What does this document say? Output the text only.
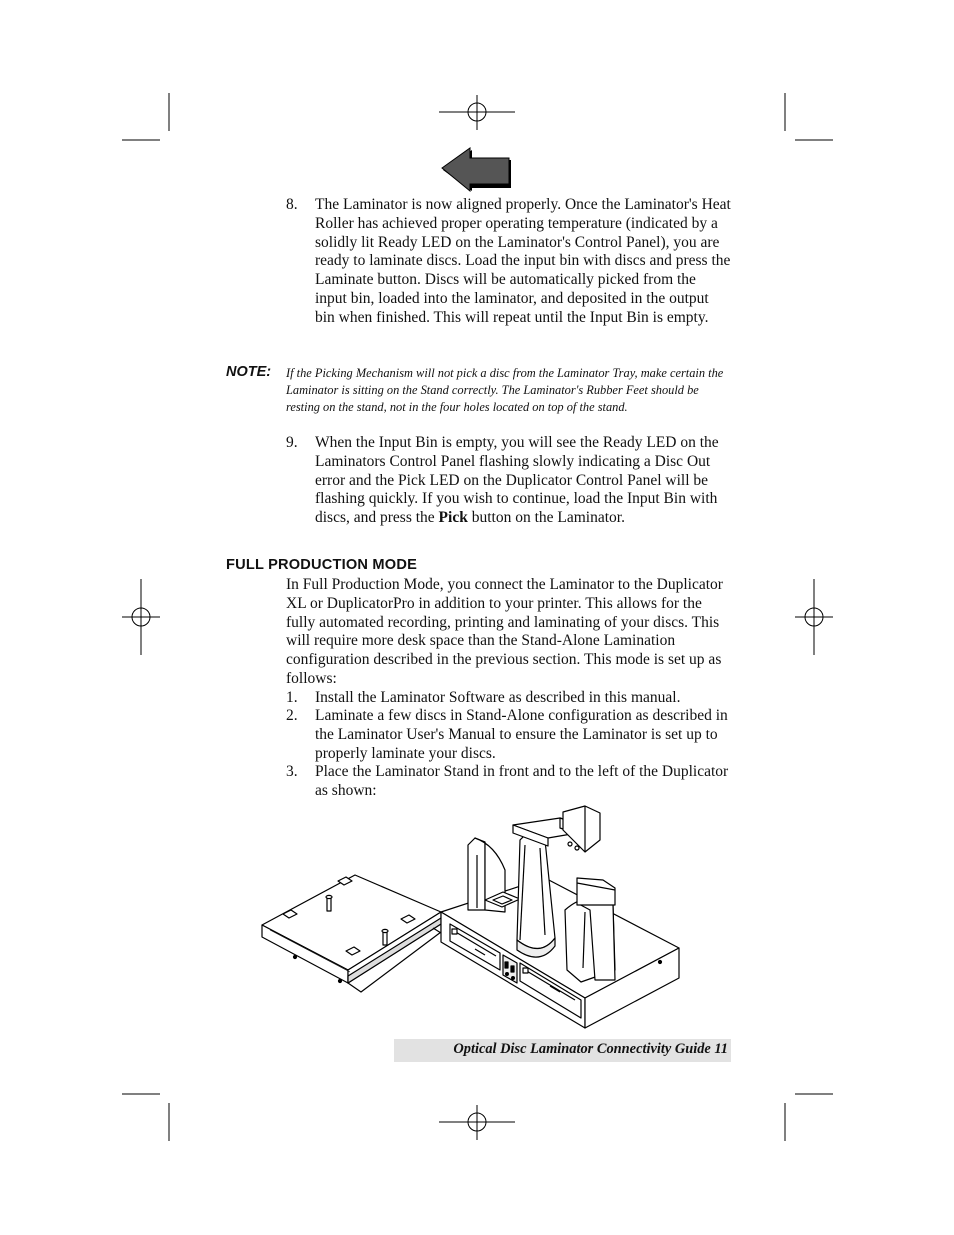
8. The Laminator is now aligned properly. Once the Laminator's Heat Roller has achieved proper operating temperature (indicated by a solidly lit Ready LED on the Laminator's Control Panel), you are ready to laminate discs. Load the input bin with discs and press the Laminate button. Discs will be automatically picked from the input bin, loaded into the laminator, and deposited in the output bin when finished. This will repeat until the Input Bin is empty.
NOTE: If the Picking Mechanism will not pick a disc from the Laminator Tray, make certain the Laminator is sitting on the Stand correctly. The Laminator's Rubber Feet should be resting on the stand, not in the four holes located on top of the stand.
9. When the Input Bin is empty, you will see the Ready LED on the Laminators Control Panel flashing slowly indicating a Disc Out error and the Pick LED on the Duplicator Control Panel will be flashing quickly. If you wish to continue, load the Input Bin with discs, and press the Pick button on the Laminator.
FULL PRODUCTION MODE
In Full Production Mode, you connect the Laminator to the Duplicator XL or DuplicatorPro in addition to your printer. This allows for the fully automated recording, printing and laminating of your discs. This will require more desk space than the Stand-Alone Lamination configuration described in the previous section. This mode is set up as follows:
1. Install the Laminator Software as described in this manual.
2. Laminate a few discs in Stand-Alone configuration as described in the Laminator User's Manual to ensure the Laminator is set up to properly laminate your discs.
3. Place the Laminator Stand in front and to the left of the Duplicator as shown:
Optical Disc Laminator Connectivity Guide 11
